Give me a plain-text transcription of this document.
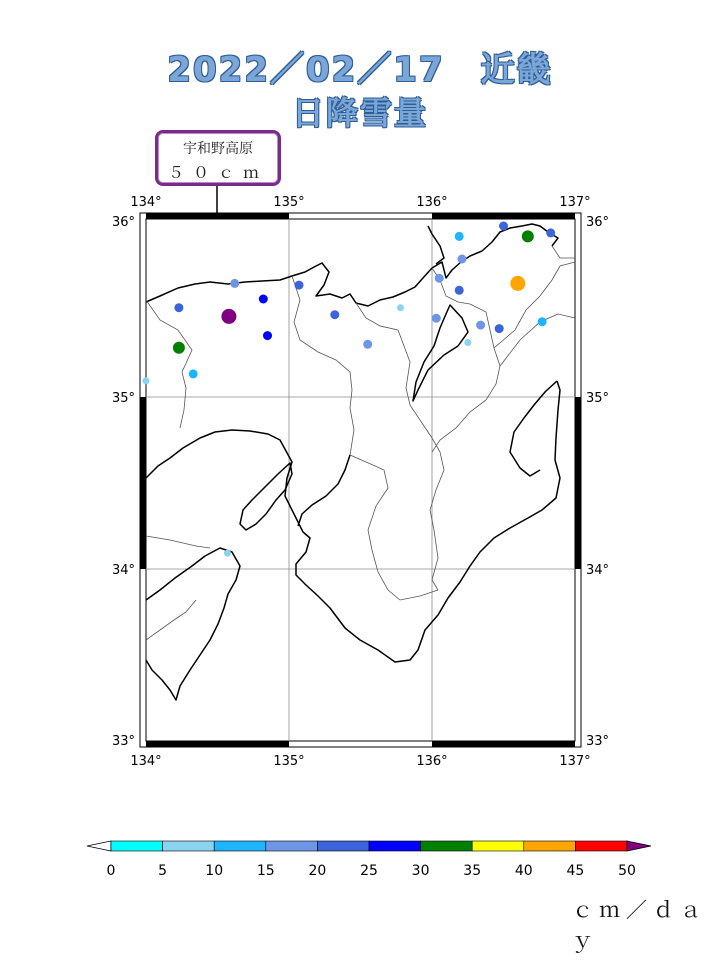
2022／02／17　近畿
日降雪量
宇和野高原
５０ｃｍ
134°	135°	136°	137°
134°	135°	136°	137°
36°
35°
34°
33°
36°
35°
34°
33°
0	5	10 15 20 25 30 35 40 45 50
ｃｍ／ｄａｙ
